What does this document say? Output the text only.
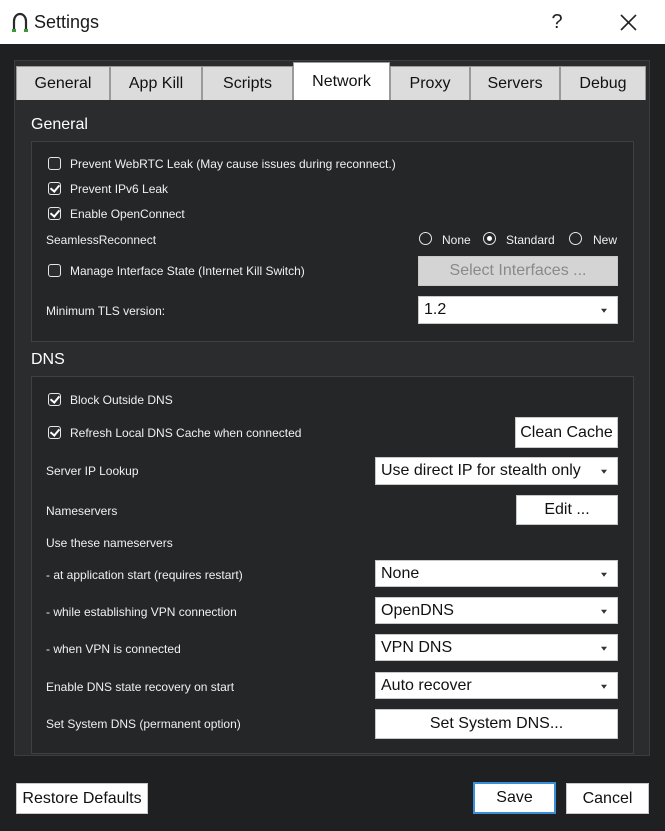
Settings	?
General	App Kill	Scripts	Network	Proxy	Servers	Debug
General
Prevent WebRTC Leak (May cause issues during reconnect.)
Prevent IPv6 Leak
Enable OpenConnect
SeamlessReconnect	None	Standard	New
Manage Interface State (Internet Kill Switch)	Select Interfaces ...
Minimum TLS version:	1.2
DNS
Block Outside DNS
Refresh Local DNS Cache when connected	Clean Cache
Server IP Lookup	Use direct IP for stealth only
Nameservers	Edit ...
Use these nameservers
- at application start (requires restart)	None
- while establishing VPN connection	OpenDNS
- when VPN is connected	VPN DNS
Enable DNS state recovery on start	Auto recover
Set System DNS (permanent option)	Set System DNS...
Restore Defaults	Save	Cancel
